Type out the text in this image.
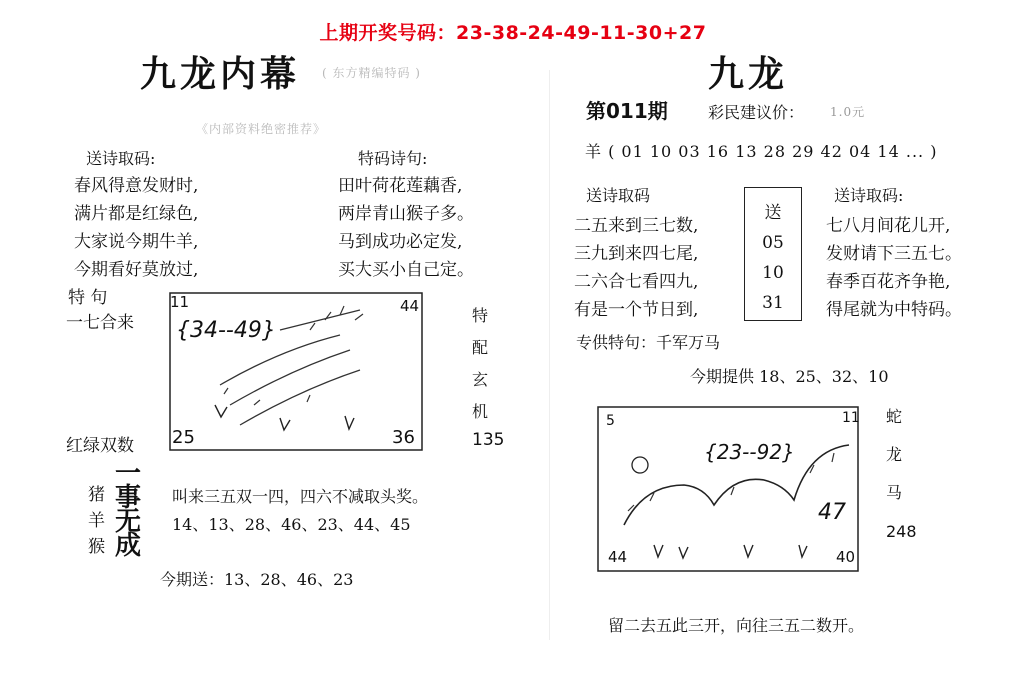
上期开奖号码：23-38-24-49-11-30+27
九龙内幕 ( 东方精编特码 )
《内部资料绝密推荐》
送诗取码:
春风得意发财时,
满片都是红绿色,
大家说今期牛羊,
今期看好莫放过,
特码诗句:
田叶荷花莲藕香,
两岸青山猴子多。
马到成功必定发,
买大买小自己定。
特 句
一七合来
11	44
25	36
{34--49}
特
配
玄
机
红绿双数	135
猪
羊
猴
一
事
无
成
叫来三五双一四，四六不减取头奖。
14、13、28、46、23、44、45
今期送：13、28、46、23
九龙
第011期	彩民建议价： 1.0元
羊 ( 01 10 03 16 13 28 29 42 04 14 ... )
送诗取码
二五来到三七数,
三九到来四七尾,
二六合七看四九,
有是一个节日到,
送
05
10
31
送诗取码:
七八月间花儿开,
发财请下三五七。
春季百花齐争艳,
得尾就为中特码。
专供特句：千军万马
今期提供 18、25、32、10
5	11
44	40
{23--92}
47
蛇
龙
马
248
留二去五此三开，向往三五二数开。
